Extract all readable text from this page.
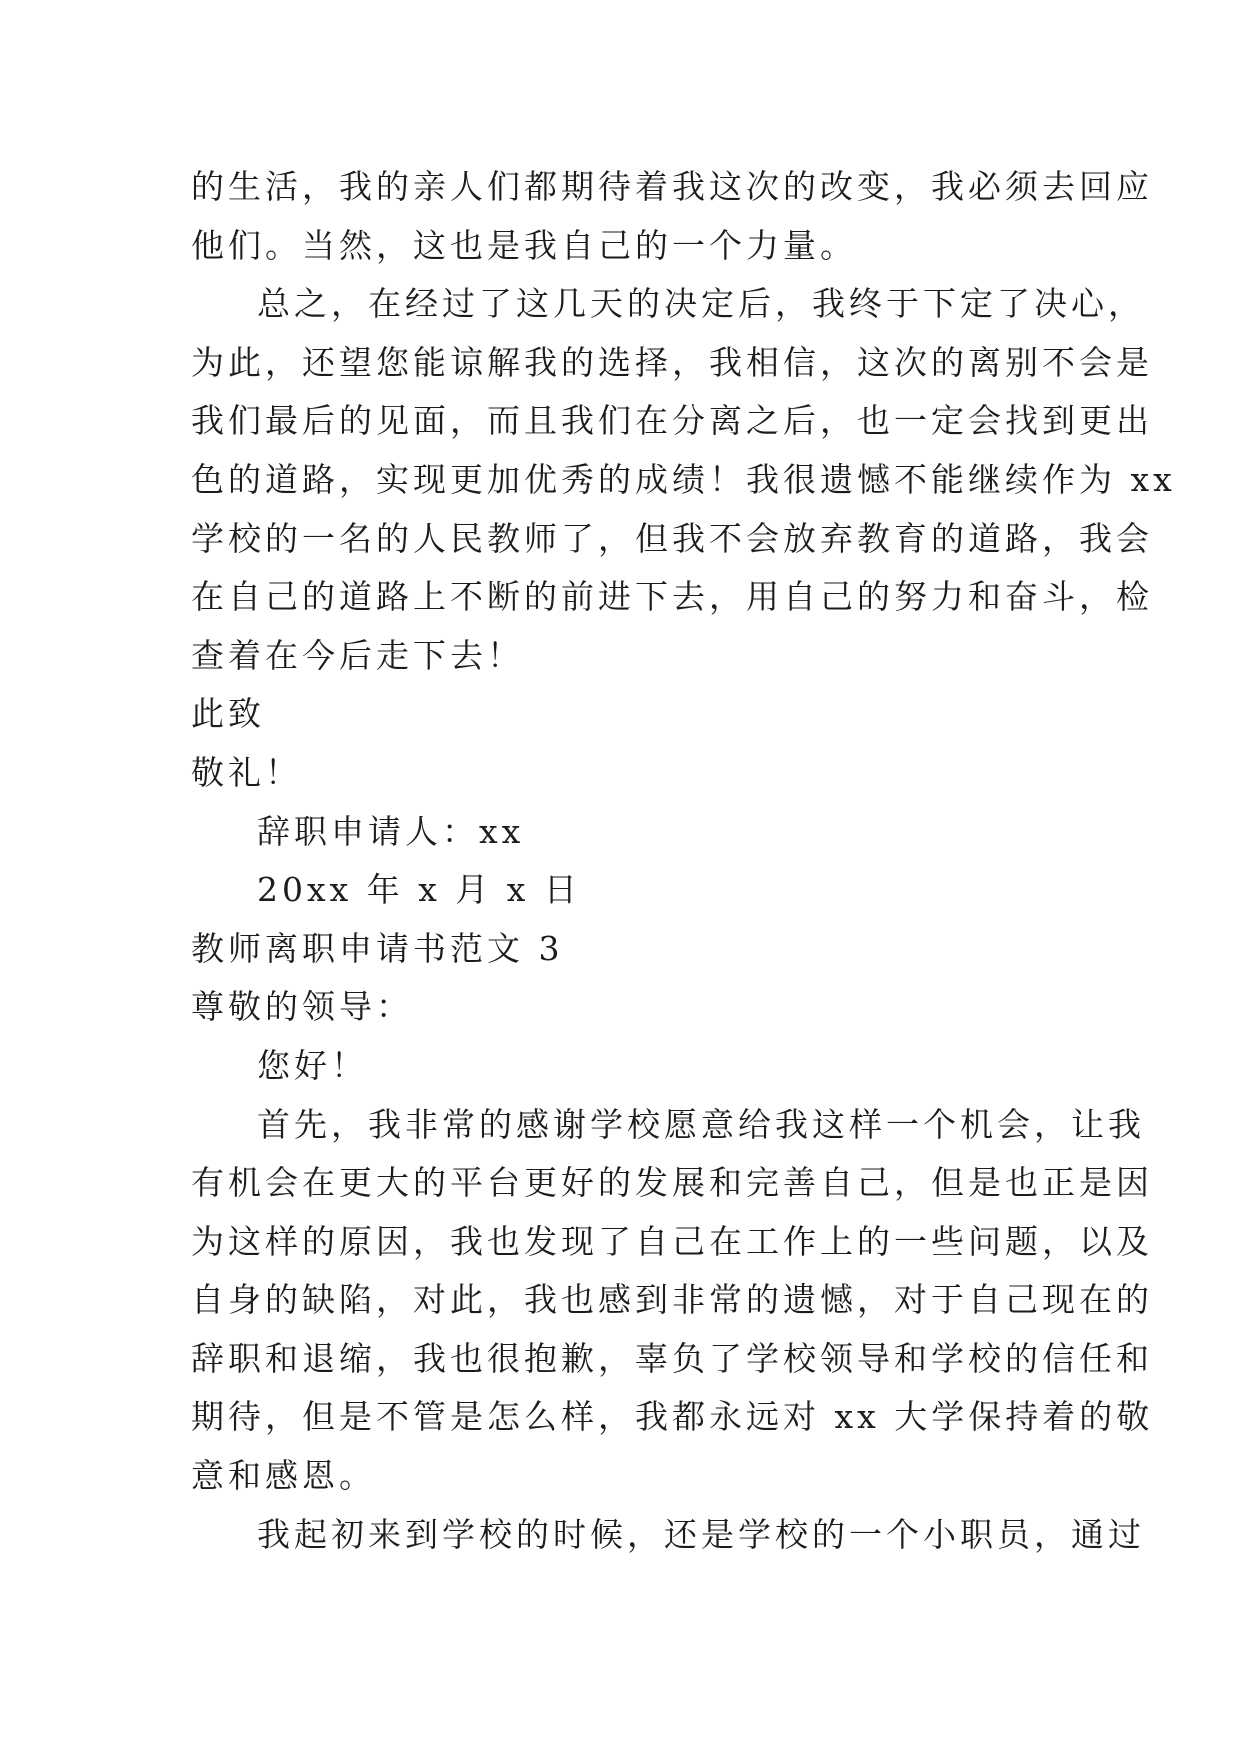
的生活，我的亲人们都期待着我这次的改变，我必须去回应
他们。当然，这也是我自己的一个力量。
总之，在经过了这几天的决定后，我终于下定了决心，
为此，还望您能谅解我的选择，我相信，这次的离别不会是
我们最后的见面，而且我们在分离之后，也一定会找到更出
色的道路，实现更加优秀的成绩！我很遗憾不能继续作为 xx
学校的一名的人民教师了，但我不会放弃教育的道路，我会
在自己的道路上不断的前进下去，用自己的努力和奋斗，检
查着在今后走下去！
此致
敬礼！
辞职申请人：xx
20xx 年 x 月 x 日
教师离职申请书范文 3
尊敬的领导：
您好！
首先，我非常的感谢学校愿意给我这样一个机会，让我
有机会在更大的平台更好的发展和完善自己，但是也正是因
为这样的原因，我也发现了自己在工作上的一些问题，以及
自身的缺陷，对此，我也感到非常的遗憾，对于自己现在的
辞职和退缩，我也很抱歉，辜负了学校领导和学校的信任和
期待，但是不管是怎么样，我都永远对 xx 大学保持着的敬
意和感恩。
我起初来到学校的时候，还是学校的一个小职员，通过
